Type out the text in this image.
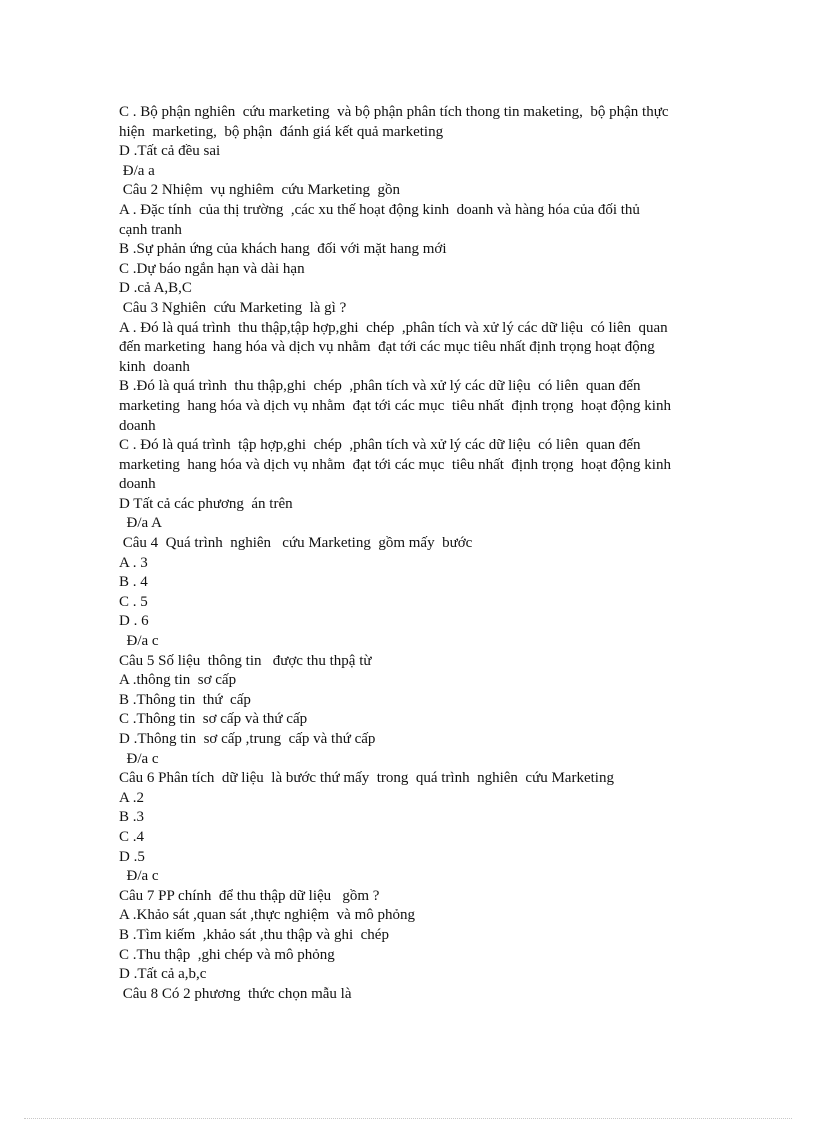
C . Bộ phận nghiên  cứu marketing  và bộ phận phân tích thong tin maketing,  bộ phận thực
hiện  marketing,  bộ phận  đánh giá kết quả marketing
D .Tất cả đều sai
Đ/a a
Câu 2 Nhiệm  vụ nghiêm  cứu Marketing  gồn
A . Đặc tính  của thị trường  ,các xu thế hoạt động kinh  doanh và hàng hóa của đối thủ
cạnh tranh
B .Sự phản ứng của khách hang  đối với mặt hang mới
C .Dự báo ngắn hạn và dài hạn
D .cả A,B,C
Câu 3 Nghiên  cứu Marketing  là gì ?
A . Đó là quá trình  thu thập,tập hợp,ghi  chép  ,phân tích và xử lý các dữ liệu  có liên  quan
đến marketing  hang hóa và dịch vụ nhằm  đạt tới các mục tiêu nhất định trọng hoạt động
kinh  doanh
B .Đó là quá trình  thu thập,ghi  chép  ,phân tích và xử lý các dữ liệu  có liên  quan đến
marketing  hang hóa và dịch vụ nhằm  đạt tới các mục  tiêu nhất  định trọng  hoạt động kinh
doanh
C . Đó là quá trình  tập hợp,ghi  chép  ,phân tích và xử lý các dữ liệu  có liên  quan đến
marketing  hang hóa và dịch vụ nhằm  đạt tới các mục  tiêu nhất  định trọng  hoạt động kinh
doanh
D Tất cả các phương  án trên
Đ/a A
Câu 4  Quá trình  nghiên   cứu Marketing  gồm mấy  bước
A . 3
B . 4
C . 5
D . 6
Đ/a c
Câu 5 Số liệu  thông tin   được thu thpậ từ
A .thông tin  sơ cấp
B .Thông tin  thứ  cấp
C .Thông tin  sơ cấp và thứ cấp
D .Thông tin  sơ cấp ,trung  cấp và thứ cấp
Đ/a c
Câu 6 Phân tích  dữ liệu  là bước thứ mấy  trong  quá trình  nghiên  cứu Marketing
A .2
B .3
C .4
D .5
Đ/a c
Câu 7 PP chính  để thu thập dữ liệu   gồm ?
A .Khảo sát ,quan sát ,thực nghiệm  và mô phỏng
B .Tìm kiếm  ,khảo sát ,thu thập và ghi  chép
C .Thu thập  ,ghi chép và mô phỏng
D .Tất cả a,b,c
Câu 8 Có 2 phương  thức chọn mẫu là
